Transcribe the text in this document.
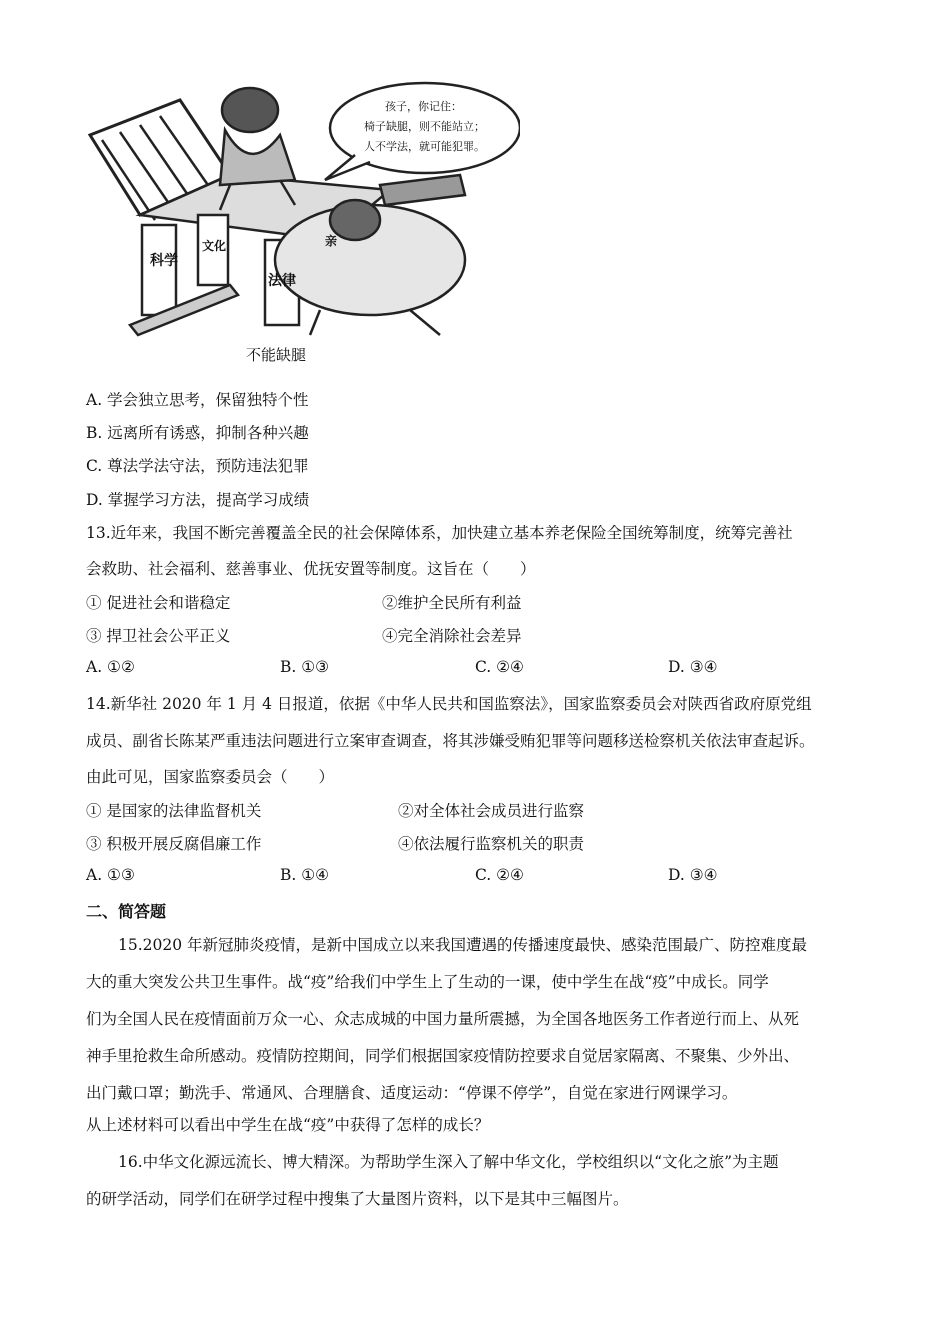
孩子，你记住：
椅子缺腿，则不能站立；
人不学法，就可能犯罪。
科学
文化
法律
亲
不能缺腿
A. 学会独立思考，保留独特个性
B. 远离所有诱惑，抑制各种兴趣
C. 尊法学法守法，预防违法犯罪
D. 掌握学习方法，提高学习成绩
13.近年来，我国不断完善覆盖全民的社会保障体系，加快建立基本养老保险全国统筹制度，统筹完善社
会救助、社会福利、慈善事业、优抚安置等制度。这旨在（　　）
① 促进社会和谐稳定	②维护全民所有利益
③ 捍卫社会公平正义	④完全消除社会差异
A. ①②	B. ①③	C. ②④	D. ③④
14.新华社 2020 年 1 月 4 日报道，依据《中华人民共和国监察法》，国家监察委员会对陕西省政府原党组
成员、副省长陈某严重违法问题进行立案审查调查，将其涉嫌受贿犯罪等问题移送检察机关依法审查起诉。
由此可见，国家监察委员会（　　）
① 是国家的法律监督机关	②对全体社会成员进行监察
③ 积极开展反腐倡廉工作	④依法履行监察机关的职责
A. ①③	B. ①④	C. ②④	D. ③④
二、简答题
15.2020 年新冠肺炎疫情，是新中国成立以来我国遭遇的传播速度最快、感染范围最广、防控难度最
大的重大突发公共卫生事件。战“疫”给我们中学生上了生动的一课，使中学生在战“疫”中成长。同学
们为全国人民在疫情面前万众一心、众志成城的中国力量所震撼，为全国各地医务工作者逆行而上、从死
神手里抢救生命所感动。疫情防控期间，同学们根据国家疫情防控要求自觉居家隔离、不聚集、少外出、
出门戴口罩；勤洗手、常通风、合理膳食、适度运动：“停课不停学”，自觉在家进行网课学习。
从上述材料可以看出中学生在战“疫”中获得了怎样的成长？
16.中华文化源远流长、博大精深。为帮助学生深入了解中华文化，学校组织以“文化之旅”为主题
的研学活动，同学们在研学过程中搜集了大量图片资料，以下是其中三幅图片。
